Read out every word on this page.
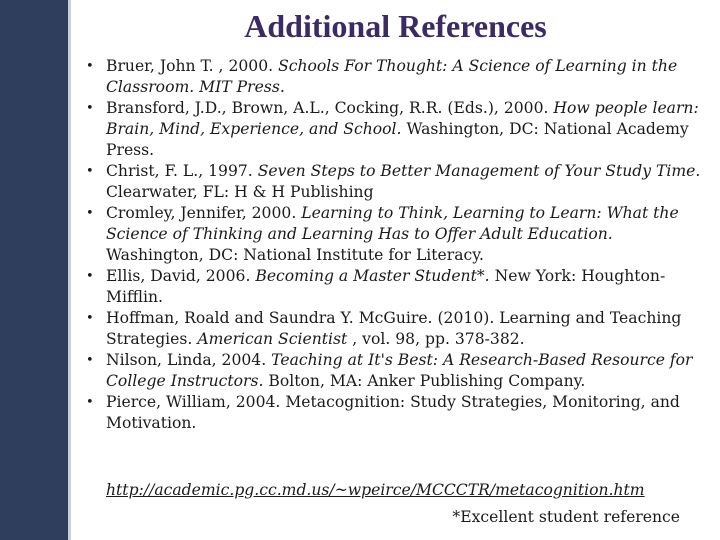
Additional References
• Bruer, John T. , 2000. Schools For Thought: A Science of Learning in the Classroom. MIT Press.
• Bransford, J.D., Brown, A.L., Cocking, R.R. (Eds.), 2000. How people learn: Brain, Mind, Experience, and School. Washington, DC: National Academy Press.
• Christ, F. L., 1997. Seven Steps to Better Management of Your Study Time. Clearwater, FL: H & H Publishing
• Cromley, Jennifer, 2000. Learning to Think, Learning to Learn: What the Science of Thinking and Learning Has to Offer Adult Education. Washington, DC: National Institute for Literacy.
• Ellis, David, 2006. Becoming a Master Student*. New York: Houghton-Mifflin.
• Hoffman, Roald and Saundra Y. McGuire. (2010). Learning and Teaching Strategies. American Scientist , vol. 98, pp. 378-382.
• Nilson, Linda, 2004. Teaching at It's Best: A Research-Based Resource for College Instructors. Bolton, MA: Anker Publishing Company.
• Pierce, William, 2004. Metacognition: Study Strategies, Monitoring, and Motivation.
http://academic.pg.cc.md.us/~wpeirce/MCCCTR/metacognition.htm
*Excellent student reference
